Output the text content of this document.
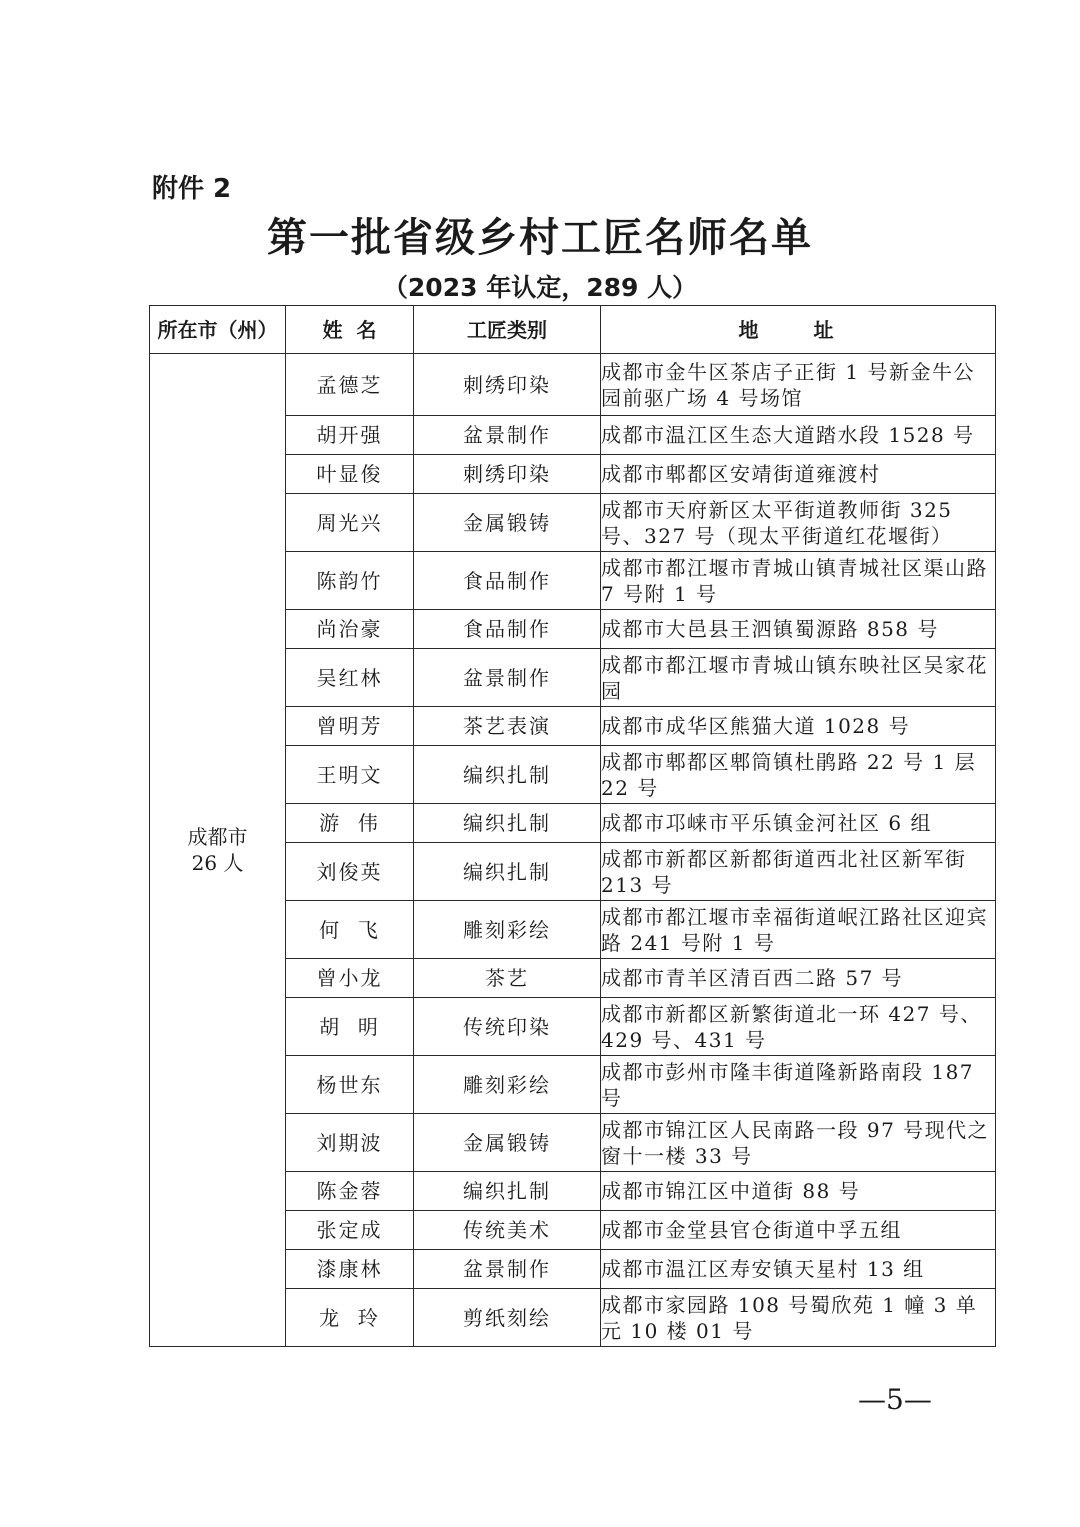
附件 2
第一批省级乡村工匠名师名单
（2023 年认定，289 人）
所在市（州）	姓  名	工匠类别	地 址

成都市
26 人	孟德芝	刺绣印染	成都市金牛区茶店子正街 1 号新金牛公园前驱广场 4 号场馆
	胡开强	盆景制作	成都市温江区生态大道踏水段 1528 号
	叶显俊	刺绣印染	成都市郫都区安靖街道雍渡村
	周光兴	金属锻铸	成都市天府新区太平街道教师街 325 号、327 号（现太平街道红花堰街）
	陈韵竹	食品制作	成都市都江堰市青城山镇青城社区渠山路 7 号附 1 号
	尚治豪	食品制作	成都市大邑县王泗镇蜀源路 858 号
	吴红林	盆景制作	成都市都江堰市青城山镇东映社区吴家花园
	曾明芳	茶艺表演	成都市成华区熊猫大道 1028 号
	王明文	编织扎制	成都市郫都区郫筒镇杜鹃路 22 号 1 层 22 号
	游  伟	编织扎制	成都市邛崃市平乐镇金河社区 6 组
	刘俊英	编织扎制	成都市新都区新都街道西北社区新军街 213 号
	何  飞	雕刻彩绘	成都市都江堰市幸福街道岷江路社区迎宾路 241 号附 1 号
	曾小龙	茶艺	成都市青羊区清百西二路 57 号
	胡  明	传统印染	成都市新都区新繁街道北一环 427 号、429 号、431 号
	杨世东	雕刻彩绘	成都市彭州市隆丰街道隆新路南段 187 号
	刘期波	金属锻铸	成都市锦江区人民南路一段 97 号现代之窗十一楼 33 号
	陈金蓉	编织扎制	成都市锦江区中道街 88 号
	张定成	传统美术	成都市金堂县官仓街道中孚五组
	漆康林	盆景制作	成都市温江区寿安镇天星村 13 组
	龙  玲	剪纸刻绘	成都市家园路 108 号蜀欣苑 1 幢 3 单元 10 楼 01 号
—5—
